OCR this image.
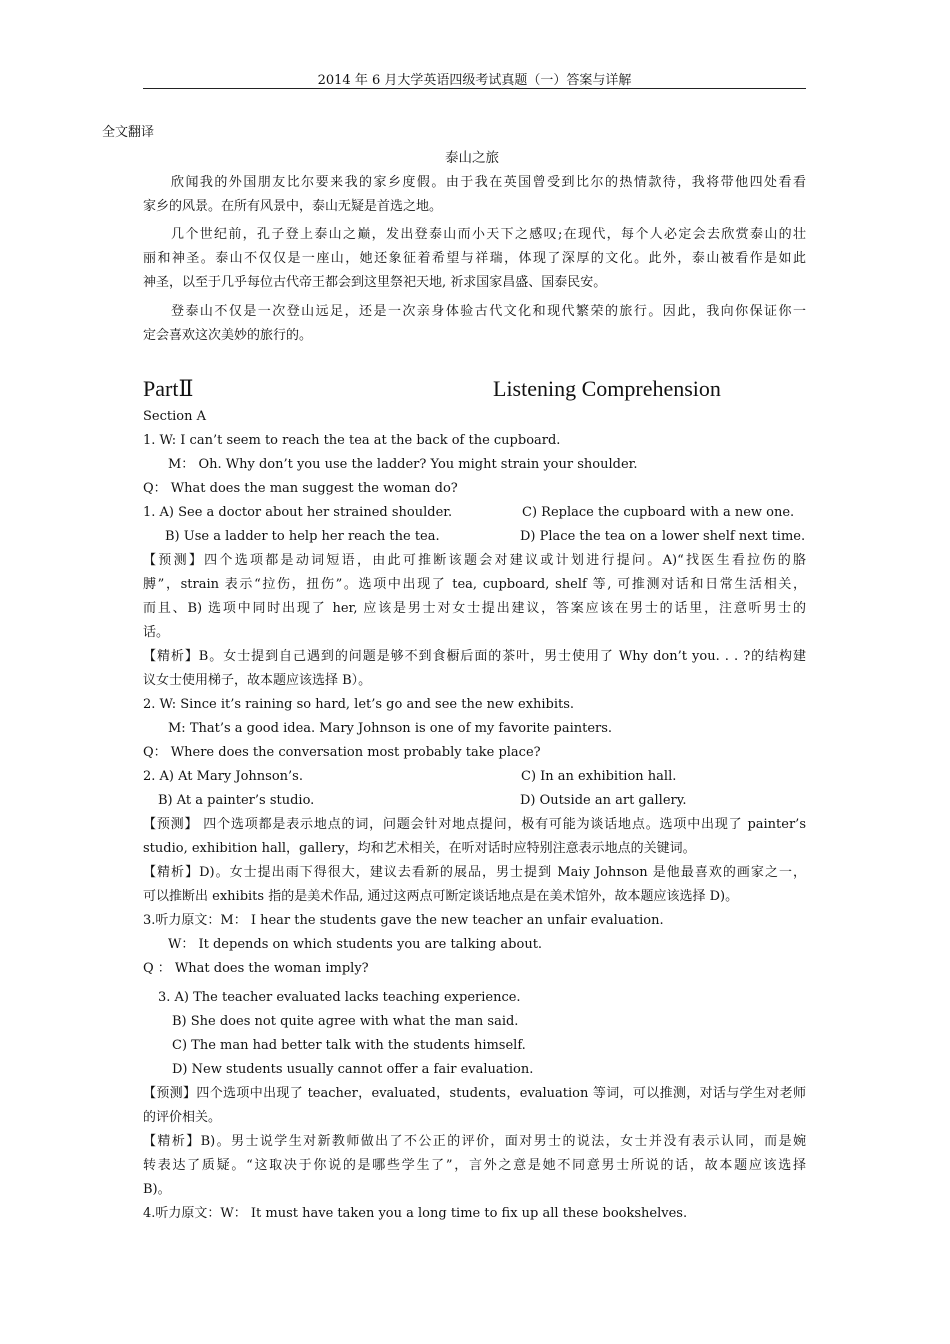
2014 年 6 月大学英语四级考试真题（一）答案与详解
全文翻译
泰山之旅
欣闻我的外国朋友比尔要来我的家乡度假。由于我在英国曾受到比尔的热情款待，我将带他四处看看
家乡的风景。在所有风景中，泰山无疑是首选之地。
几个世纪前，孔子登上泰山之巅，发出登泰山而小天下之感叹;在现代，每个人必定会去欣赏泰山的壮
丽和神圣。泰山不仅仅是一座山，她还象征着希望与祥瑞，体现了深厚的文化。此外，泰山被看作是如此
神圣，以至于几乎每位古代帝王都会到这里祭祀天地, 祈求国家昌盛、国泰民安。
登泰山不仅是一次登山远足，还是一次亲身体验古代文化和现代繁荣的旅行。因此，我向你保证你一
定会喜欢这次美妙的旅行的。
PartⅡ	Listening Comprehension
Section A
1. W: I can’t seem to reach the tea at the back of the cupboard.
M： Oh. Why don’t you use the ladder? You might strain your shoulder.
Q： What does the man suggest the woman do?
1. A) See a doctor about her strained shoulder.	C) Replace the cupboard with a new one.
B) Use a ladder to help her reach the tea.	D) Place the tea on a lower shelf next time.
【预测】四个选项都是动词短语，由此可推断该题会对建议或计划进行提问。A)“找医生看拉伤的胳
膊”，strain 表示“拉伤，扭伤”。选项中出现了 tea, cupboard, shelf 等, 可推测对话和日常生活相关，
而且、B) 选项中同时出现了 her, 应该是男士对女士提出建议，答案应该在男士的话里，注意听男士的
话。
【精析】B。女士提到自己遇到的问题是够不到食橱后面的茶叶，男士使用了 Why don’t you. . . ?的结构建
议女士使用梯子，故本题应该选择 B）。
2. W: Since it’s raining so hard, let’s go and see the new exhibits.
M: That’s a good idea. Mary Johnson is one of my favorite painters.
Q： Where does the conversation most probably take place?
2. A) At Mary Johnson’s.	C) In an exhibition hall.
B) At a painter’s studio.	D) Outside an art gallery.
【预测】 四个选项都是表示地点的词，问题会针对地点提问，极有可能为谈话地点。选项中出现了 painter’s
studio, exhibition hall，gallery，均和艺术相关，在听对话时应特别注意表示地点的关键词。
【精析】D)。女士提出雨下得很大，建议去看新的展品，男士提到 Maiy Johnson 是他最喜欢的画家之一，
可以推断出 exhibits 指的是美术作品, 通过这两点可断定谈话地点是在美术馆外，故本题应该选择 D)。
3.听力原文：M： I hear the students gave the new teacher an unfair evaluation.
W： It depends on which students you are talking about.
Q ： What does the woman imply?
3. A) The teacher evaluated lacks teaching experience.
B) She does not quite agree with what the man said.
C) The man had better talk with the students himself.
D) New students usually cannot offer a fair evaluation.
【预测】四个选项中出现了 teacher，evaluated，students，evaluation 等词，可以推测，对话与学生对老师
的评价相关。
【精析】B)。男士说学生对新教师做出了不公正的评价，面对男士的说法，女士并没有表示认同，而是婉
转表达了质疑。“这取决于你说的是哪些学生了”，言外之意是她不同意男士所说的话，故本题应该选择
B)。
4.听力原文：W： It must have taken you a long time to fix up all these bookshelves.
